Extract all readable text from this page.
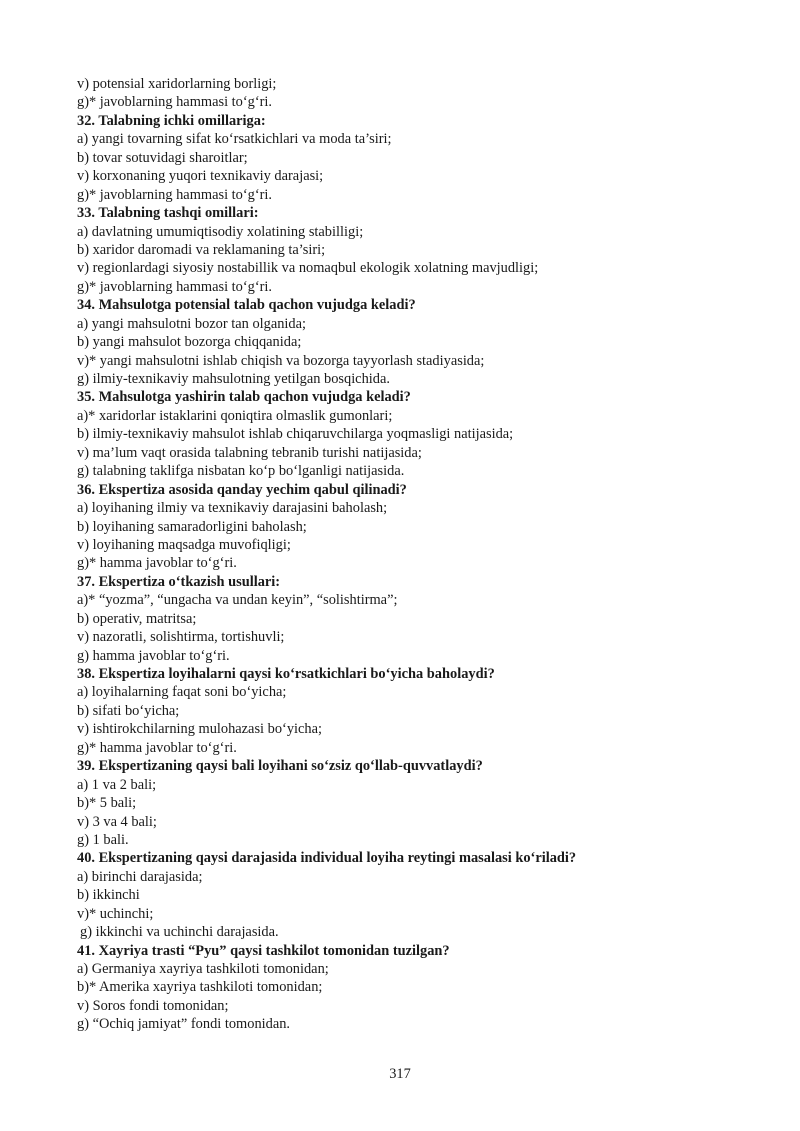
v) potensial xaridorlarning borligi;
g)* javoblarning hammasi to‘g‘ri.
32. Talabning ichki omillariga:
a) yangi tovarning sifat ko‘rsatkichlari va moda ta’siri;
b) tovar sotuvidagi sharoitlar;
v) korxonaning yuqori texnikaviy darajasi;
g)* javoblarning hammasi to‘g‘ri.
33. Talabning tashqi omillari:
a) davlatning umumiqtisodiy xolatining stabilligi;
b) xaridor daromadi va reklamaning ta’siri;
v) regionlardagi siyosiy nostabillik va nomaqbul ekologik xolatning mavjudligi;
g)* javoblarning hammasi to‘g‘ri.
34. Mahsulotga potensial talab qachon vujudga keladi?
a) yangi mahsulotni bozor tan olganida;
b) yangi mahsulot bozorga chiqqanida;
v)* yangi mahsulotni ishlab chiqish va bozorga tayyorlash stadiyasida;
g) ilmiy-texnikaviy mahsulotning yetilgan bosqichida.
35. Mahsulotga yashirin talab qachon vujudga keladi?
a)* xaridorlar istaklarini qoniqtira olmaslik gumonlari;
b) ilmiy-texnikaviy mahsulot ishlab chiqaruvchilarga yoqmasligi natijasida;
v) ma’lum vaqt orasida talabning tebranib turishi natijasida;
g) talabning taklifga nisbatan ko‘p bo‘lganligi natijasida.
36. Ekspertiza asosida qanday yechim qabul qilinadi?
a) loyihaning ilmiy va texnikaviy darajasini baholash;
b) loyihaning samaradorligini baholash;
v) loyihaning maqsadga muvofiqligi;
g)* hamma javoblar to‘g‘ri.
37. Ekspertiza o‘tkazish usullari:
a)* “yozma”, “ungacha va undan keyin”, “solishtirma”;
b) operativ, matritsa;
v) nazoratli, solishtirma, tortishuvli;
g) hamma javoblar to‘g‘ri.
38. Ekspertiza loyihalarni qaysi ko‘rsatkichlari bo‘yicha baholaydi?
a) loyihalarning faqat soni bo‘yicha;
b) sifati bo‘yicha;
v) ishtirokchilarning mulohazasi bo‘yicha;
g)* hamma javoblar to‘g‘ri.
39. Ekspertizaning qaysi bali loyihani so‘zsiz qo‘llab-quvvatlaydi?
a) 1 va 2 bali;
b)* 5 bali;
v) 3 va 4 bali;
g) 1 bali.
40. Ekspertizaning qaysi darajasida individual loyiha reytingi masalasi ko‘riladi?
a) birinchi darajasida;
b) ikkinchi
v)* uchinchi;
g) ikkinchi va uchinchi darajasida.
41. Xayriya trasti “Pyu” qaysi tashkilot tomonidan tuzilgan?
a) Germaniya xayriya tashkiloti tomonidan;
b)* Amerika xayriya tashkiloti tomonidan;
v) Soros fondi tomonidan;
g) “Ochiq jamiyat” fondi tomonidan.
317
